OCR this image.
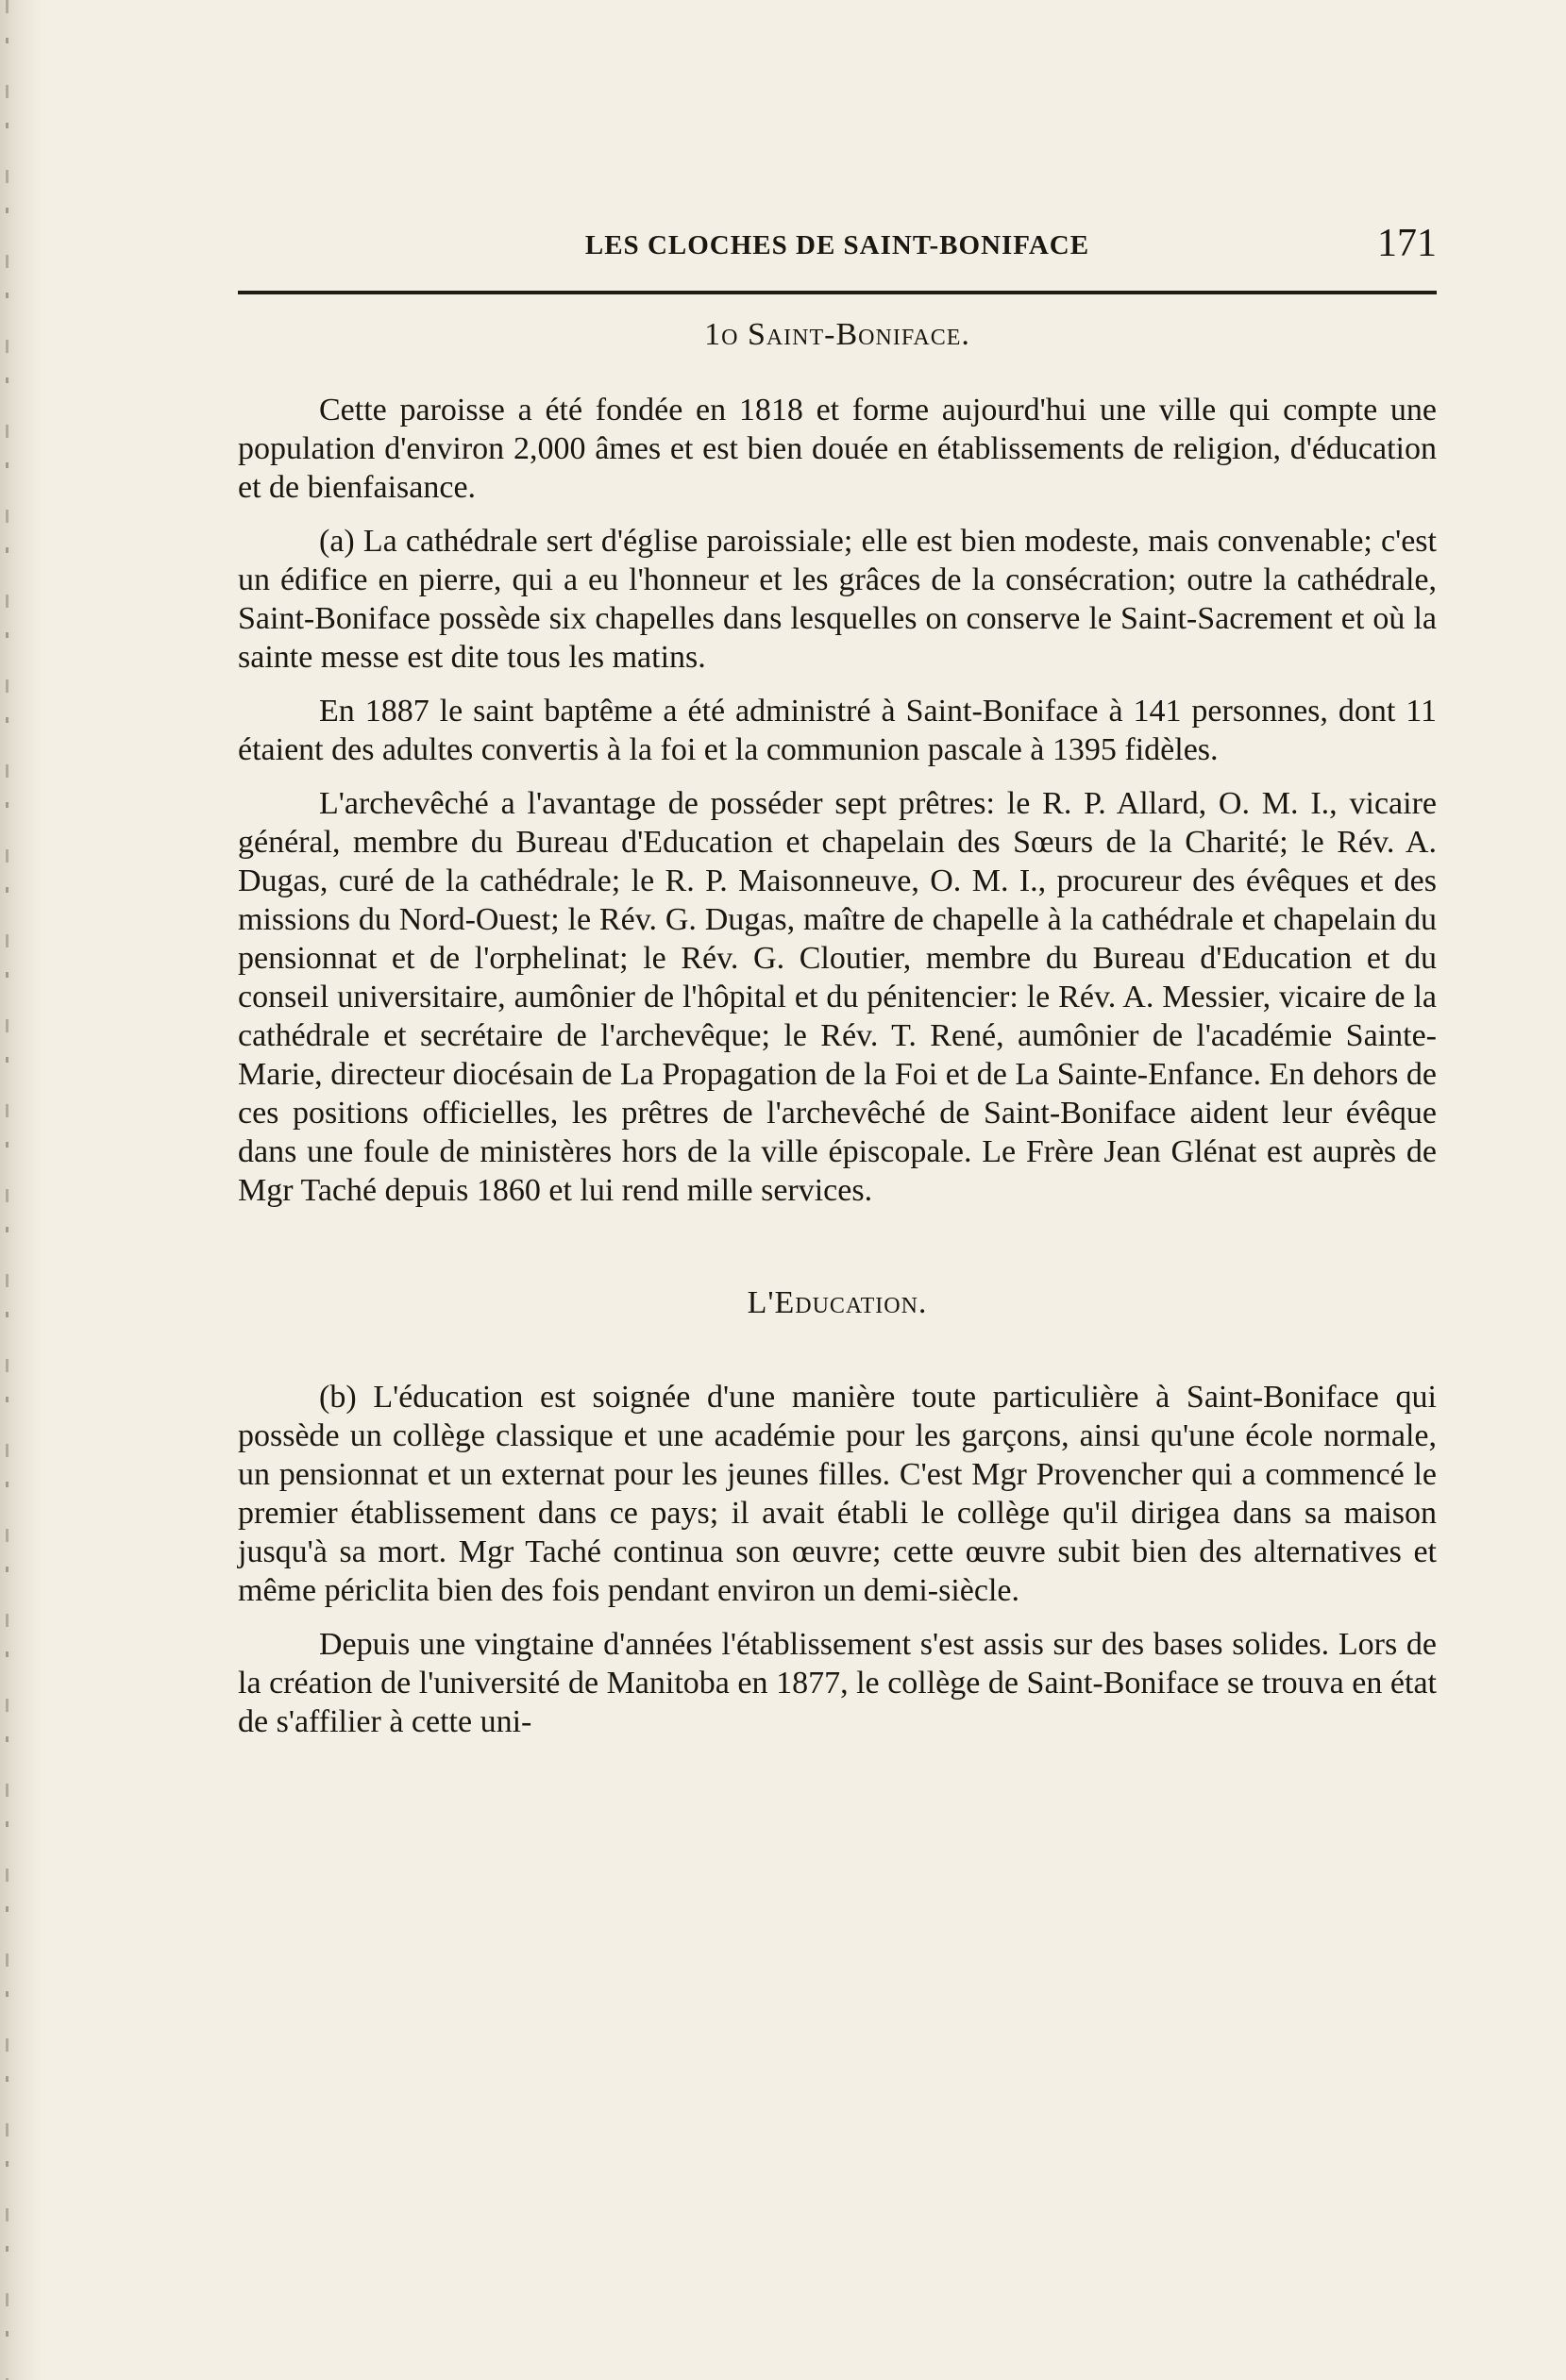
LES CLOCHES DE SAINT-BONIFACE	171
1o Saint-Boniface.

Cette paroisse a été fondée en 1818 et forme aujourd'hui une ville qui compte une population d'environ 2,000 âmes et est bien douée en établissements de religion, d'éducation et de bienfaisance.

(a) La cathédrale sert d'église paroissiale; elle est bien modeste, mais convenable; c'est un édifice en pierre, qui a eu l'honneur et les grâces de la consécration; outre la cathédrale, Saint-Boniface possède six chapelles dans lesquelles on conserve le Saint-Sacrement et où la sainte messe est dite tous les matins.

En 1887 le saint baptême a été administré à Saint-Boniface à 141 personnes, dont 11 étaient des adultes convertis à la foi et la communion pascale à 1395 fidèles.

L'archevêché a l'avantage de posséder sept prêtres: le R. P. Allard, O. M. I., vicaire général, membre du Bureau d'Education et chapelain des Sœurs de la Charité; le Rév. A. Dugas, curé de la cathédrale; le R. P. Maisonneuve, O. M. I., procureur des évêques et des missions du Nord-Ouest; le Rév. G. Dugas, maître de chapelle à la cathédrale et chapelain du pensionnat et de l'orphelinat; le Rév. G. Cloutier, membre du Bureau d'Education et du conseil universitaire, aumônier de l'hôpital et du pénitencier: le Rév. A. Messier, vicaire de la cathédrale et secrétaire de l'archevêque; le Rév. T. René, aumônier de l'académie Sainte-Marie, directeur diocésain de La Propagation de la Foi et de La Sainte-Enfance. En dehors de ces positions officielles, les prêtres de l'archevêché de Saint-Boniface aident leur évêque dans une foule de ministères hors de la ville épiscopale. Le Frère Jean Glénat est auprès de Mgr Taché depuis 1860 et lui rend mille services.

L'Education.

(b) L'éducation est soignée d'une manière toute particulière à Saint-Boniface qui possède un collège classique et une académie pour les garçons, ainsi qu'une école normale, un pensionnat et un externat pour les jeunes filles. C'est Mgr Provencher qui a commencé le premier établissement dans ce pays; il avait établi le collège qu'il dirigea dans sa maison jusqu'à sa mort. Mgr Taché continua son œuvre; cette œuvre subit bien des alternatives et même périclita bien des fois pendant environ un demi-siècle.

Depuis une vingtaine d'années l'établissement s'est assis sur des bases solides. Lors de la création de l'université de Manitoba en 1877, le collège de Saint-Boniface se trouva en état de s'affilier à cette uni-
